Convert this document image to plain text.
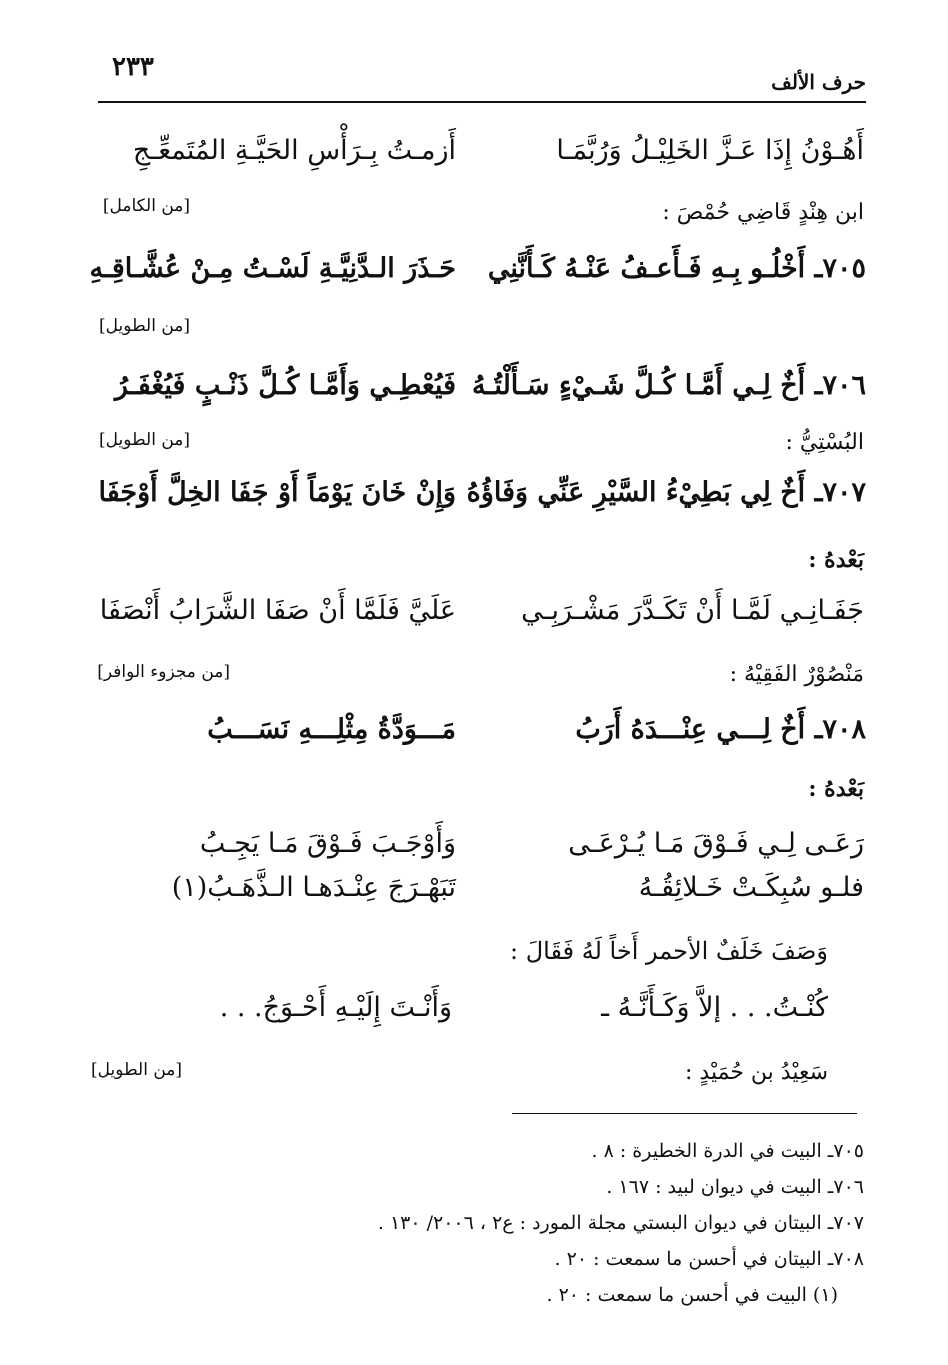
حرف الألف
٢٣٣
أَهُـوْنُ إِذَا عَـزَّ الخَلِيْـلُ وَرُبَّمَـا
أَزمـتُ بِـرَأْسِ الحَيَّـةِ المُتَمعِّـجِ
ابن هِنْدٍ قَاضِي حُمْصَ :
[من الكامل]
٧٠٥ـ أَخْلُـو بِـهِ فَـأَعـفُ عَنْـهُ كَـأَنَّنِي
حَـذَرَ الـدَّنِيَّـةِ لَسْـتُ مِـنْ عُشَّـاقِـهِ
[من الطويل]
٧٠٦ـ أَخٌ لِـي أَمَّـا كُـلَّ شَـيْءٍ سَـأَلْتُـهُ
فَيُعْطِـي وَأَمَّـا كُـلَّ ذَنْـبٍ فَيُغْفَـرُ
البُسْتِيُّ :
[من الطويل]
٧٠٧ـ أَخٌ لِي بَطِيْءُ السَّيْرِ عَنِّي وَفَاؤُهُ
وَإِنْ خَانَ يَوْمَاً أَوْ جَفَا الخِلَّ أَوْجَفَا
بَعْدهُ :
جَفَـانِـي لَمَّـا أَنْ تَكَـدَّرَ مَشْـرَبِـي
عَلَيَّ فَلَمَّا أَنْ صَفَا الشَّرَابُ أَنْصَفَا
مَنْصُوْرٌ الفَقِيْهُ :
[من مجزوء الوافر]
٧٠٨ـ أَخٌ لِـــي عِنْـــدَهُ أَرَبُ
مَـــوَدَّةُ مِثْلِـــهِ نَسَـــبُ
بَعْدهُ :
رَعَـى لِـي فَـوْقَ مَـا يُـرْعَـى
وَأَوْجَـبَ فَـوْقَ مَـا يَجِـبُ
فلـو سُبِكَـتْ خَـلائِقُـهُ
تَبَهْـرَجَ عِنْـدَهـا الـذَّهَـبُ(١)
وَصَفَ خَلَفٌ الأحمر أَخاً لَهُ فَقَالَ :
كُنْـتُ. . . إلاَّ وَكَـأَنَّـهُ ـ
وَأَنْـتَ إِلَيْـهِ أَحْـوَجُ. . .
سَعِيْدُ بن حُمَيْدٍ :
[من الطويل]
٧٠٥ـ البيت في الدرة الخطيرة : ٨ .
٧٠٦ـ البيت في ديوان لبيد : ١٦٧ .
٧٠٧ـ البيتان في ديوان البستي مجلة المورد : ع٢ ، ٢٠٠٦/ ١٣٠ .
٧٠٨ـ البيتان في أحسن ما سمعت : ٢٠ .
(١) البيت في أحسن ما سمعت : ٢٠ .
